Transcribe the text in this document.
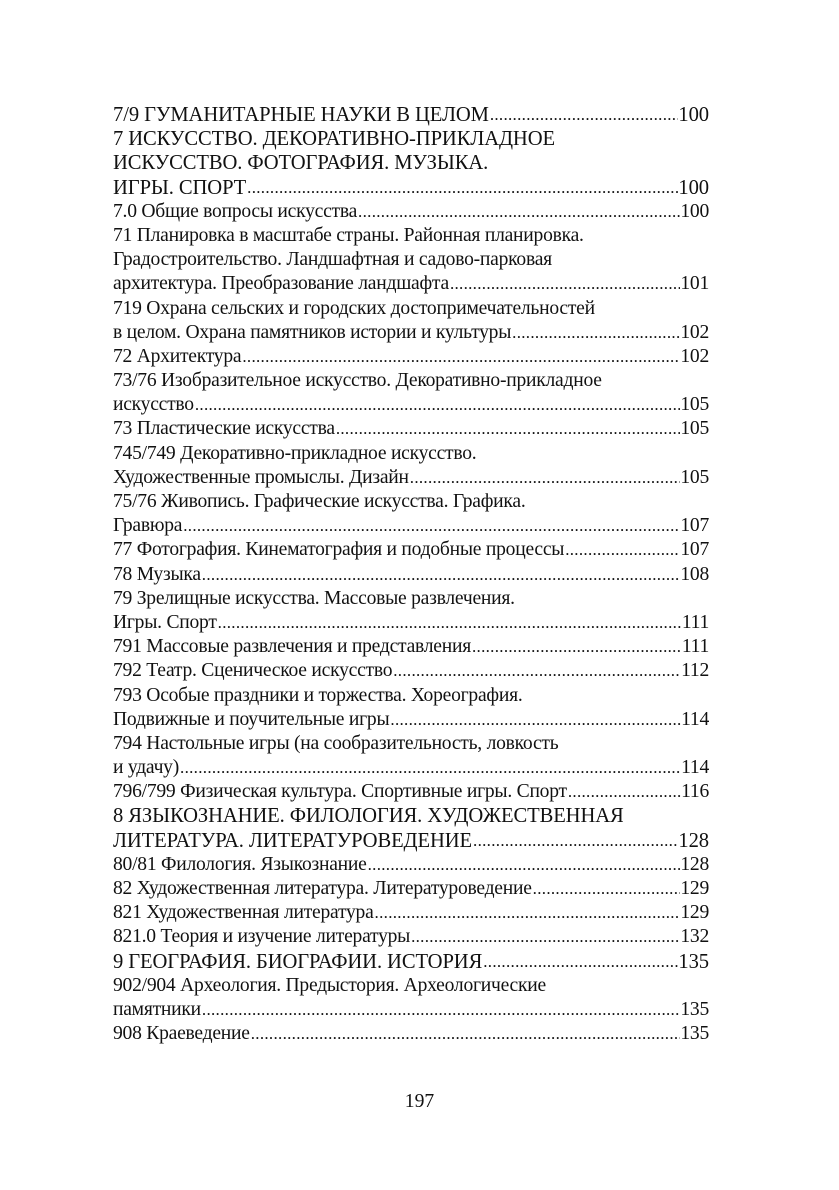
7/9 ГУМАНИТАРНЫЕ НАУКИ В ЦЕЛОМ .....	100
7 ИСКУССТВО. ДЕКОРАТИВНО-ПРИКЛАДНОЕ
ИСКУССТВО. ФОТОГРАФИЯ. МУЗЫКА.
ИГРЫ. СПОРТ .....	100
7.0 Общие вопросы искусства .....	100
71 Планировка в масштабе страны. Районная планировка.
Градостроительство. Ландшафтная и садово-парковая
архитектура. Преобразование ландшафта .....	101
719 Охрана сельских и городских достопримечательностей
в целом. Охрана памятников истории и культуры .....	102
72 Архитектура .....	102
73/76 Изобразительное искусство. Декоративно-прикладное
искусство .....	105
73 Пластические искусства .....	105
745/749 Декоративно-прикладное искусство.
Художественные промыслы. Дизайн .....	105
75/76 Живопись. Графические искусства. Графика.
Гравюра .....	107
77 Фотография. Кинематография и подобные процессы .....	107
78 Музыка .....	108
79 Зрелищные искусства. Массовые развлечения.
Игры. Спорт .....	111
791 Массовые развлечения и представления .....	111
792 Театр. Сценическое искусство .....	112
793 Особые праздники и торжества. Хореография.
Подвижные и поучительные игры .....	114
794 Настольные игры (на сообразительность, ловкость
и удачу) .....	114
796/799 Физическая культура. Спортивные игры. Спорт .....	116
8 ЯЗЫКОЗНАНИЕ. ФИЛОЛОГИЯ. ХУДОЖЕСТВЕННАЯ
ЛИТЕРАТУРА. ЛИТЕРАТУРОВЕДЕНИЕ .....	128
80/81 Филология. Языкознание .....	128
82 Художественная литература. Литературоведение .....	129
821 Художественная литература .....	129
821.0 Теория и изучение литературы .....	132
9 ГЕОГРАФИЯ. БИОГРАФИИ. ИСТОРИЯ .....	135
902/904 Археология. Предыстория. Археологические
памятники .....	135
908 Краеведение .....	135
197
